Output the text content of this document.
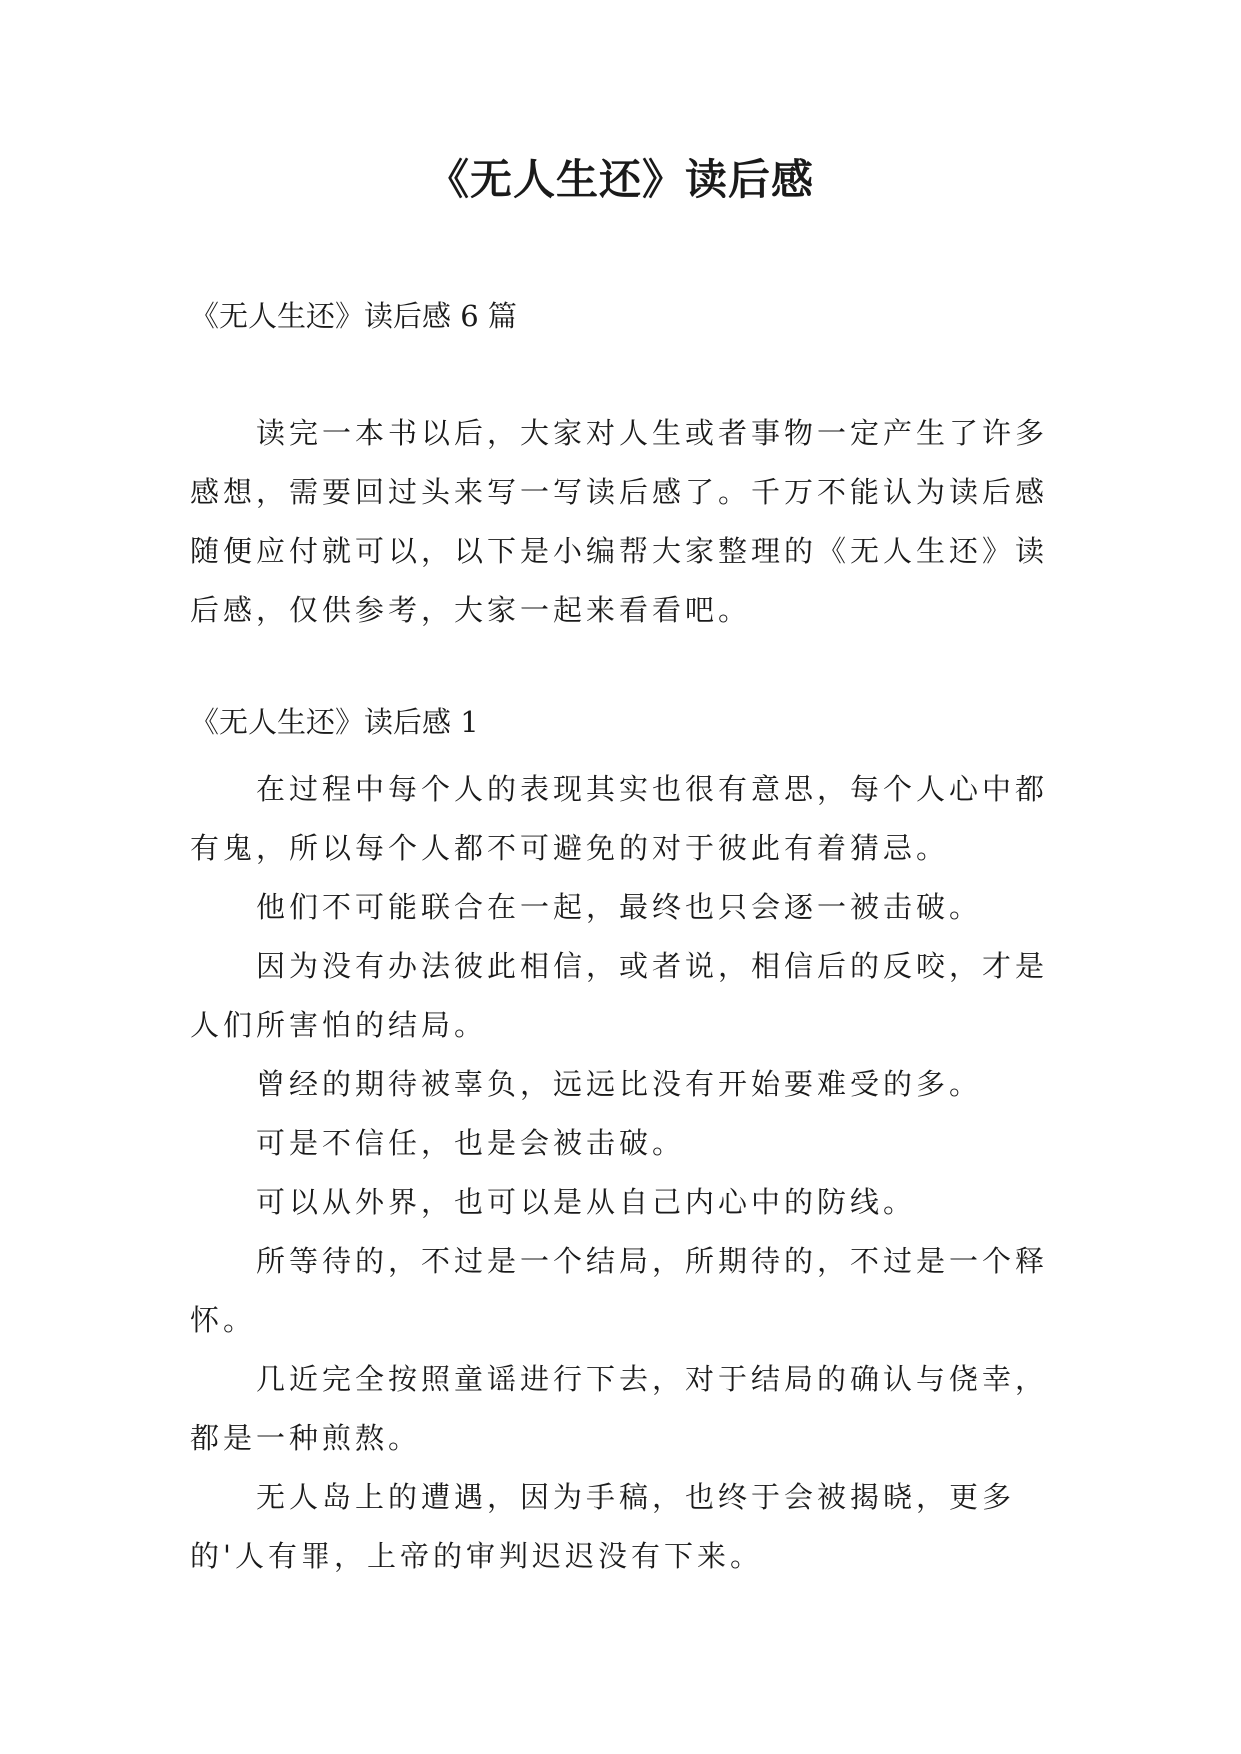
《无人生还》读后感

《无人生还》读后感 6 篇

读完一本书以后，大家对人生或者事物一定产生了许多感想，需要回过头来写一写读后感了。千万不能认为读后感随便应付就可以，以下是小编帮大家整理的《无人生还》读后感，仅供参考，大家一起来看看吧。

《无人生还》读后感 1

在过程中每个人的表现其实也很有意思，每个人心中都有鬼，所以每个人都不可避免的对于彼此有着猜忌。

他们不可能联合在一起，最终也只会逐一被击破。

因为没有办法彼此相信，或者说，相信后的反咬，才是人们所害怕的结局。

曾经的期待被辜负，远远比没有开始要难受的多。

可是不信任，也是会被击破。

可以从外界，也可以是从自己内心中的防线。

所等待的，不过是一个结局，所期待的，不过是一个释怀。

几近完全按照童谣进行下去，对于结局的确认与侥幸，都是一种煎熬。

无人岛上的遭遇，因为手稿，也终于会被揭晓，更多的'人有罪，上帝的审判迟迟没有下来。
